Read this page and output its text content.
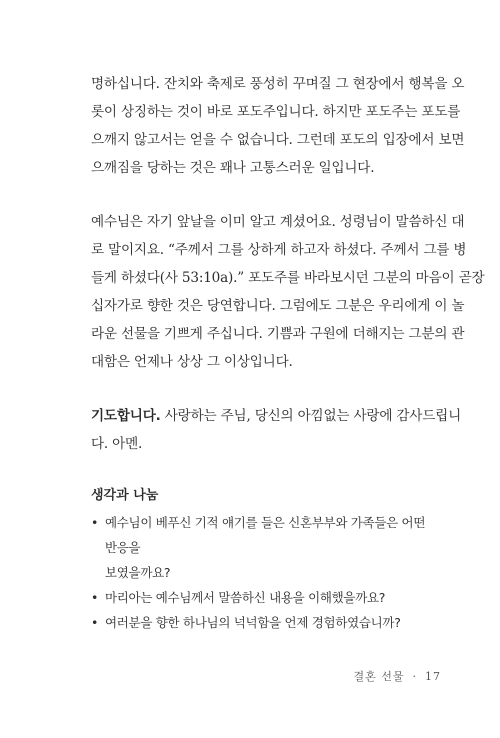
명하십니다. 잔치와 축제로 풍성히 꾸며질 그 현장에서 행복을 오
롯이 상징하는 것이 바로 포도주입니다. 하지만 포도주는 포도를
으깨지 않고서는 얻을 수 없습니다. 그런데 포도의 입장에서 보면
으깨짐을 당하는 것은 꽤나 고통스러운 일입니다.

예수님은 자기 앞날을 이미 알고 계셨어요. 성령님이 말씀하신 대
로 말이지요. “주께서 그를 상하게 하고자 하셨다. 주께서 그를 병
들게 하셨다(사 53:10a).” 포도주를 바라보시던 그분의 마음이 곧장
십자가로 향한 것은 당연합니다. 그럼에도 그분은 우리에게 이 놀
라운 선물을 기쁘게 주십니다. 기쁨과 구원에 더해지는 그분의 관
대함은 언제나 상상 그 이상입니다.

기도합니다. 사랑하는 주님, 당신의 아낌없는 사랑에 감사드립니
다. 아멘.

생각과 나눔
• 예수님이 베푸신 기적 얘기를 들은 신혼부부와 가족들은 어떤 반응을
보였을까요?
• 마리아는 예수님께서 말씀하신 내용을 이해했을까요?
• 여러분을 향한 하나님의 넉넉함을 언제 경험하였습니까?
결혼 선물 · 17
